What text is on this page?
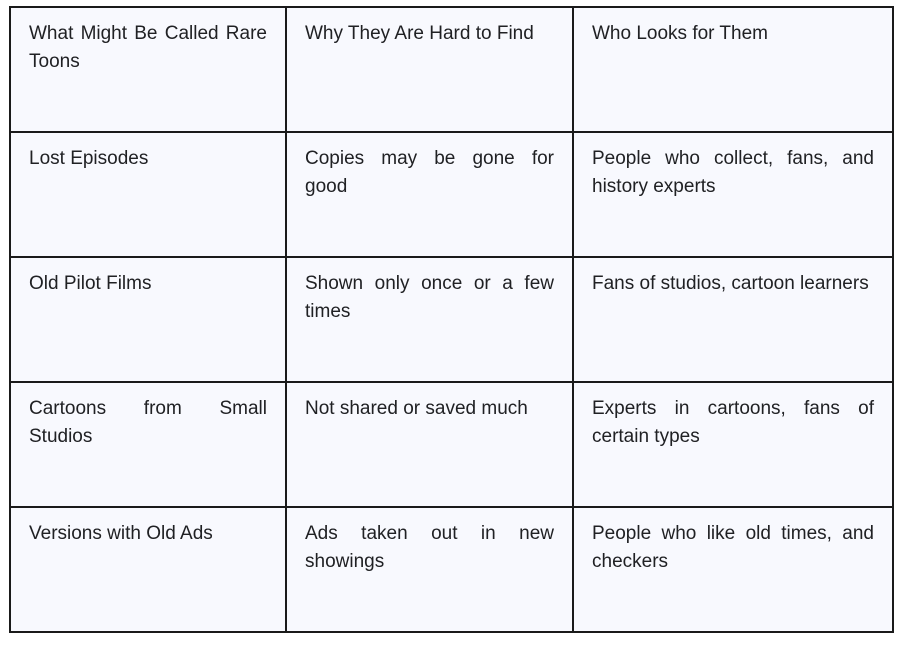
What Might Be Called Rare Toons	Why They Are Hard to Find	Who Looks for Them
Lost Episodes	Copies may be gone for good	People who collect, fans, and history experts
Old Pilot Films	Shown only once or a few times	Fans of studios, cartoon learners
Cartoons from Small Studios	Not shared or saved much	Experts in cartoons, fans of certain types
Versions with Old Ads	Ads taken out in new showings	People who like old times, and checkers
